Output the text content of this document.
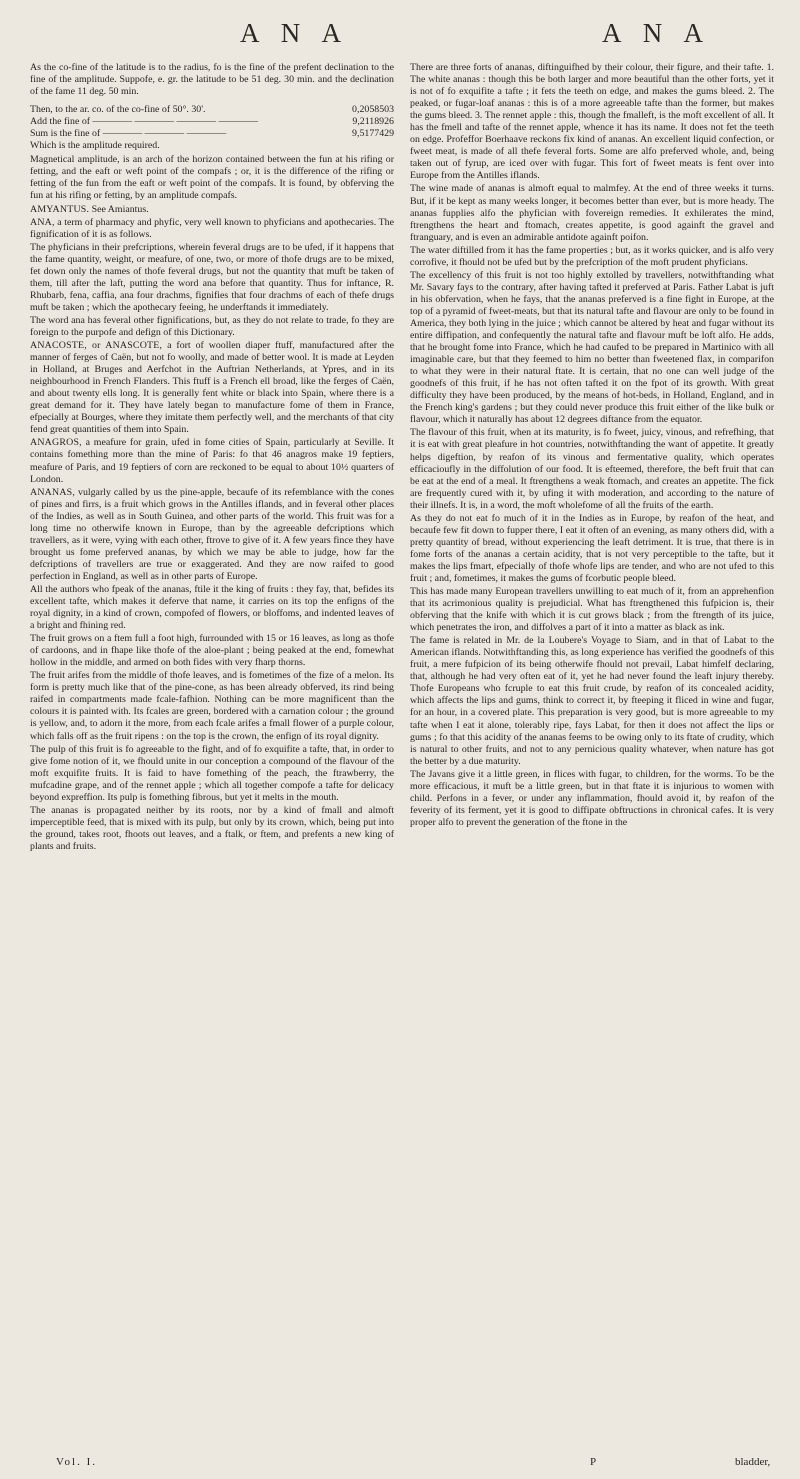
A N A	A N A

As the co-fine of the latitude is to the radius, fo is the fine of the prefent declination to the fine of the amplitude. Suppofe, e. gr. the latitude to be 51 deg. 30 min. and the declination of the fame 11 deg. 50 min.

Then, to the ar. co. of the co-fine of 50°. 30'.	0,2058503
Add the fine of ———— ———— ———— ————	9,2118926
Sum is the fine of ———— ———— ————	9,5177429
Which is the amplitude required.

Magnetical amplitude, is an arch of the horizon contained between the fun at his rifing or fetting, and the eaft or weft point of the compafs ; or, it is the difference of the rifing or fetting of the fun from the eaft or weft point of the compafs. It is found, by obferving the fun at his rifing or fetting, by an amplitude compafs.

AMYANTUS. See Amiantus.

ANA, a term of pharmacy and phyfic, very well known to phyficians and apothecaries. The fignification of it is as follows.

The phyficians in their prefcriptions, wherein feveral drugs are to be ufed, if it happens that the fame quantity, weight, or meafure, of one, two, or more of thofe drugs are to be mixed, fet down only the names of thofe feveral drugs, but not the quantity that muft be taken of them, till after the laft, putting the word ana before that quantity. Thus for inftance, R. Rhubarb, fena, caffia, ana four drachms, fignifies that four drachms of each of thefe drugs muft be taken ; which the apothecary feeing, he underftands it immediately.

The word ana has feveral other fignifications, but, as they do not relate to trade, fo they are foreign to the purpofe and defign of this Dictionary.

ANACOSTE, or ANASCOTE, a fort of woollen diaper ftuff, manufactured after the manner of ferges of Caën, but not fo woolly, and made of better wool. It is made at Leyden in Holland, at Bruges and Aerfchot in the Auftrian Netherlands, at Ypres, and in its neighbourhood in French Flanders. This ftuff is a French ell broad, like the ferges of Caën, and about twenty ells long. It is generally fent white or black into Spain, where there is a great demand for it. They have lately began to manufacture fome of them in France, efpecially at Bourges, where they imitate them perfectly well, and the merchants of that city fend great quantities of them into Spain.

ANAGROS, a meafure for grain, ufed in fome cities of Spain, particularly at Seville. It contains fomething more than the mine of Paris: fo that 46 anagros make 19 feptiers, meafure of Paris, and 19 feptiers of corn are reckoned to be equal to about 10½ quarters of London.

ANANAS, vulgarly called by us the pine-apple, becaufe of its refemblance with the cones of pines and firrs, is a fruit which grows in the Antilles iflands, and in feveral other places of the Indies, as well as in South Guinea, and other parts of the world. This fruit was for a long time no otherwife known in Europe, than by the agreeable defcriptions which travellers, as it were, vying with each other, ftrove to give of it. A few years fince they have brought us fome preferved ananas, by which we may be able to judge, how far the defcriptions of travellers are true or exaggerated. And they are now raifed to good perfection in England, as well as in other parts of Europe.

All the authors who fpeak of the ananas, ftile it the king of fruits : they fay, that, befides its excellent tafte, which makes it deferve that name, it carries on its top the enfigns of the royal dignity, in a kind of crown, compofed of flowers, or bloffoms, and indented leaves of a bright and fhining red.

The fruit grows on a ftem full a foot high, furrounded with 15 or 16 leaves, as long as thofe of cardoons, and in fhape like thofe of the aloe-plant ; being peaked at the end, fomewhat hollow in the middle, and armed on both fides with very fharp thorns.

The fruit arifes from the middle of thofe leaves, and is fometimes of the fize of a melon. Its form is pretty much like that of the pine-cone, as has been already obferved, its rind being raifed in compartments made fcale-fafhion. Nothing can be more magnificent than the colours it is painted with. Its fcales are green, bordered with a carnation colour ; the ground is yellow, and, to adorn it the more, from each fcale arifes a fmall flower of a purple colour, which falls off as the fruit ripens : on the top is the crown, the enfign of its royal dignity.

The pulp of this fruit is fo agreeable to the fight, and of fo exquifite a tafte, that, in order to give fome notion of it, we fhould unite in our conception a compound of the flavour of the moft exquifite fruits. It is faid to have fomething of the peach, the ftrawberry, the mufcadine grape, and of the rennet apple ; which all together compofe a tafte for delicacy beyond expreffion. Its pulp is fomething fibrous, but yet it melts in the mouth.

The ananas is propagated neither by its roots, nor by a kind of fmall and almoft imperceptible feed, that is mixed with its pulp, but only by its crown, which, being put into the ground, takes root, fhoots out leaves, and a ftalk, or ftem, and prefents a new king of plants and fruits.

There are three forts of ananas, diftinguifhed by their colour, their figure, and their tafte. 1. The white ananas : though this be both larger and more beautiful than the other forts, yet it is not of fo exquifite a tafte ; it fets the teeth on edge, and makes the gums bleed. 2. The peaked, or fugar-loaf ananas : this is of a more agreeable tafte than the former, but makes the gums bleed. 3. The rennet apple : this, though the fmalleft, is the moft excellent of all. It has the fmell and tafte of the rennet apple, whence it has its name. It does not fet the teeth on edge. Profeffor Boerhaave reckons fix kind of ananas. An excellent liquid confection, or fweet meat, is made of all thefe feveral forts. Some are alfo preferved whole, and, being taken out of fyrup, are iced over with fugar. This fort of fweet meats is fent over into Europe from the Antilles iflands.

The wine made of ananas is almoft equal to malmfey. At the end of three weeks it turns. But, if it be kept as many weeks longer, it becomes better than ever, but is more heady. The ananas fupplies alfo the phyfician with fovereign remedies. It exhilerates the mind, ftrengthens the heart and ftomach, creates appetite, is good againft the gravel and ftranguary, and is even an admirable antidote againft poifon.

The water diftilled from it has the fame properties ; but, as it works quicker, and is alfo very corrofive, it fhould not be ufed but by the prefcription of the moft prudent phyficians.

The excellency of this fruit is not too highly extolled by travellers, notwithftanding what Mr. Savary fays to the contrary, after having tafted it preferved at Paris. Father Labat is juft in his obfervation, when he fays, that the ananas preferved is a fine fight in Europe, at the top of a pyramid of fweet-meats, but that its natural tafte and flavour are only to be found in America, they both lying in the juice ; which cannot be altered by heat and fugar without its entire diffipation, and confequently the natural tafte and flavour muft be loft alfo. He adds, that he brought fome into France, which he had caufed to be prepared in Martinico with all imaginable care, but that they feemed to him no better than fweetened flax, in comparifon to what they were in their natural ftate. It is certain, that no one can well judge of the goodnefs of this fruit, if he has not often tafted it on the fpot of its growth. With great difficulty they have been produced, by the means of hot-beds, in Holland, England, and in the French king's gardens ; but they could never produce this fruit either of the like bulk or flavour, which it naturally has about 12 degrees diftance from the equator.

The flavour of this fruit, when at its maturity, is fo fweet, juicy, vinous, and refrefhing, that it is eat with great pleafure in hot countries, notwithftanding the want of appetite. It greatly helps digeftion, by reafon of its vinous and fermentative quality, which operates efficacioufly in the diffolution of our food. It is efteemed, therefore, the beft fruit that can be eat at the end of a meal. It ftrengthens a weak ftomach, and creates an appetite. The fick are frequently cured with it, by ufing it with moderation, and according to the nature of their illnefs. It is, in a word, the moft wholefome of all the fruits of the earth.

As they do not eat fo much of it in the Indies as in Europe, by reafon of the heat, and becaufe few fit down to fupper there, I eat it often of an evening, as many others did, with a pretty quantity of bread, without experiencing the leaft detriment. It is true, that there is in fome forts of the ananas a certain acidity, that is not very perceptible to the tafte, but it makes the lips fmart, efpecially of thofe whofe lips are tender, and who are not ufed to this fruit ; and, fometimes, it makes the gums of fcorbutic people bleed.

This has made many European travellers unwilling to eat much of it, from an apprehenfion that its acrimonious quality is prejudicial. What has ftrengthened this fufpicion is, their obferving that the knife with which it is cut grows black ; from the ftrength of its juice, which penetrates the iron, and diffolves a part of it into a matter as black as ink.

The fame is related in Mr. de la Loubere's Voyage to Siam, and in that of Labat to the American iflands. Notwithftanding this, as long experience has verified the goodnefs of this fruit, a mere fufpicion of its being otherwife fhould not prevail, Labat himfelf declaring, that, although he had very often eat of it, yet he had never found the leaft injury thereby. Thofe Europeans who fcruple to eat this fruit crude, by reafon of its concealed acidity, which affects the lips and gums, think to correct it, by fteeping it fliced in wine and fugar, for an hour, in a covered plate. This preparation is very good, but is more agreeable to my tafte when I eat it alone, tolerably ripe, fays Labat, for then it does not affect the lips or gums ; fo that this acidity of the ananas feems to be owing only to its ftate of crudity, which is natural to other fruits, and not to any pernicious quality whatever, when nature has got the better by a due maturity.

The Javans give it a little green, in flices with fugar, to children, for the worms. To be the more efficacious, it muft be a little green, but in that ftate it is injurious to women with child. Perfons in a fever, or under any inflammation, fhould avoid it, by reafon of the feverity of its ferment, yet it is good to diffipate obftructions in chronical cafes. It is very proper alfo to prevent the generation of the ftone in the

Vol. I.	P	bladder,
